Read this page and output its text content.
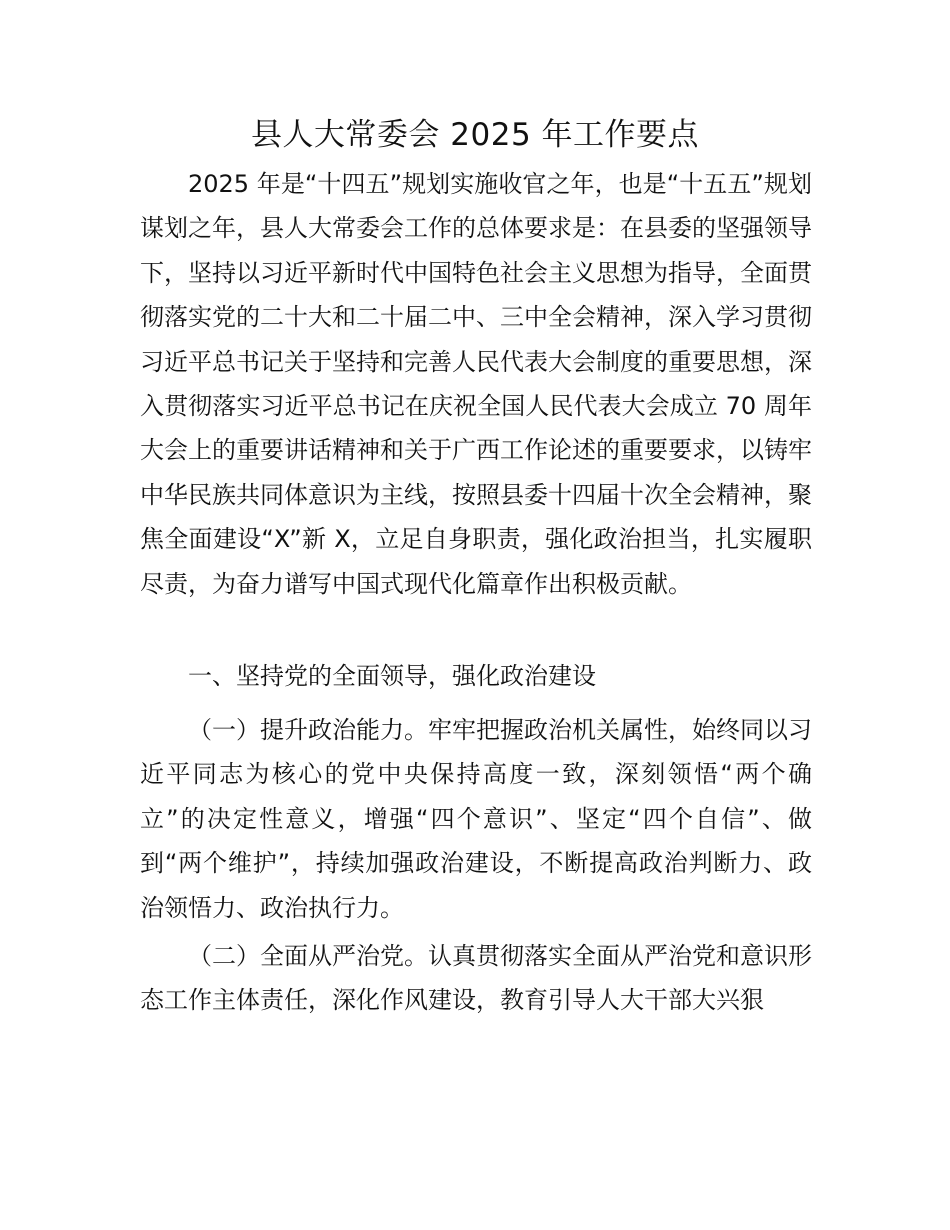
县人大常委会 2025 年工作要点

2025 年是“十四五”规划实施收官之年，也是“十五五”规划谋划之年，县人大常委会工作的总体要求是：在县委的坚强领导下，坚持以习近平新时代中国特色社会主义思想为指导，全面贯彻落实党的二十大和二十届二中、三中全会精神，深入学习贯彻习近平总书记关于坚持和完善人民代表大会制度的重要思想，深入贯彻落实习近平总书记在庆祝全国人民代表大会成立 70 周年大会上的重要讲话精神和关于广西工作论述的重要要求，以铸牢中华民族共同体意识为主线，按照县委十四届十次全会精神，聚焦全面建设“X”新 X，立足自身职责，强化政治担当，扎实履职尽责，为奋力谱写中国式现代化篇章作出积极贡献。

一、坚持党的全面领导，强化政治建设

（一）提升政治能力。牢牢把握政治机关属性，始终同以习近平同志为核心的党中央保持高度一致，深刻领悟“两个确立”的决定性意义，增强“四个意识”、坚定“四个自信”、做到“两个维护”，持续加强政治建设，不断提高政治判断力、政治领悟力、政治执行力。

（二）全面从严治党。认真贯彻落实全面从严治党和意识形态工作主体责任，深化作风建设，教育引导人大干部大兴狠
